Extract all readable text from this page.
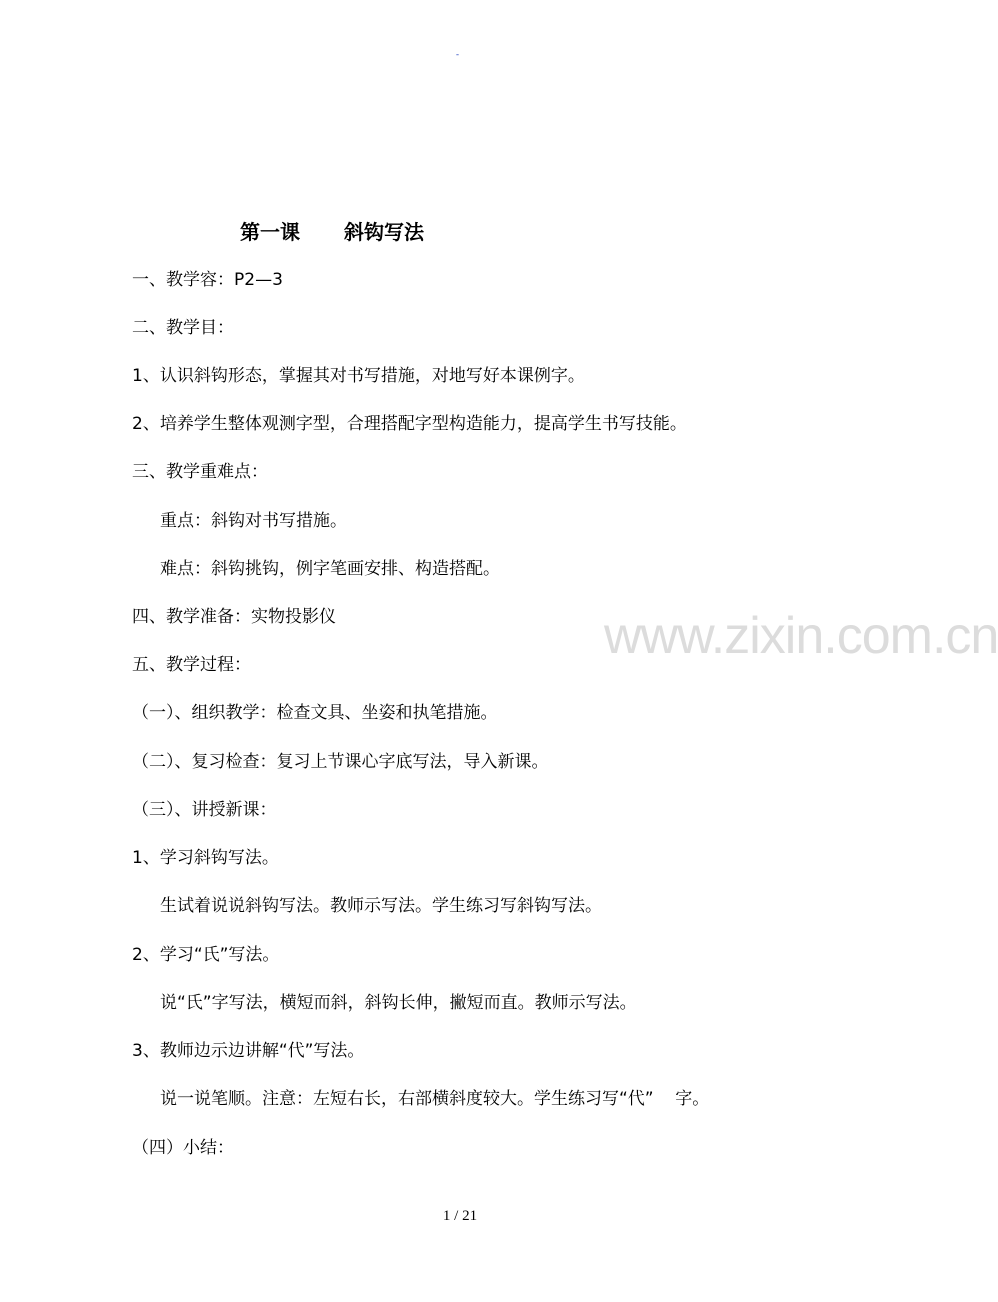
-
第一课 斜钩写法
www.zixin.com.cn
一、教学容：P2—3
二、教学目：
1、认识斜钩形态，掌握其对书写措施，对地写好本课例字。
2、培养学生整体观测字型，合理搭配字型构造能力，提高学生书写技能。
三、教学重难点：
重点：斜钩对书写措施。
难点：斜钩挑钩，例字笔画安排、构造搭配。
四、教学准备：实物投影仪
五、教学过程：
（一）、组织教学：检查文具、坐姿和执笔措施。
（二）、复习检查：复习上节课心字底写法，导入新课。
（三）、讲授新课：
1、学习斜钩写法。
生试着说说斜钩写法。教师示写法。学生练习写斜钩写法。
2、学习“氏”写法。
说“氏”字写法，横短而斜，斜钩长伸，撇短而直。教师示写法。
3、教师边示边讲解“代”写法。
说一说笔顺。注意：左短右长，右部横斜度较大。学生练习写“代”    字。
（四）小结：
1 / 21
